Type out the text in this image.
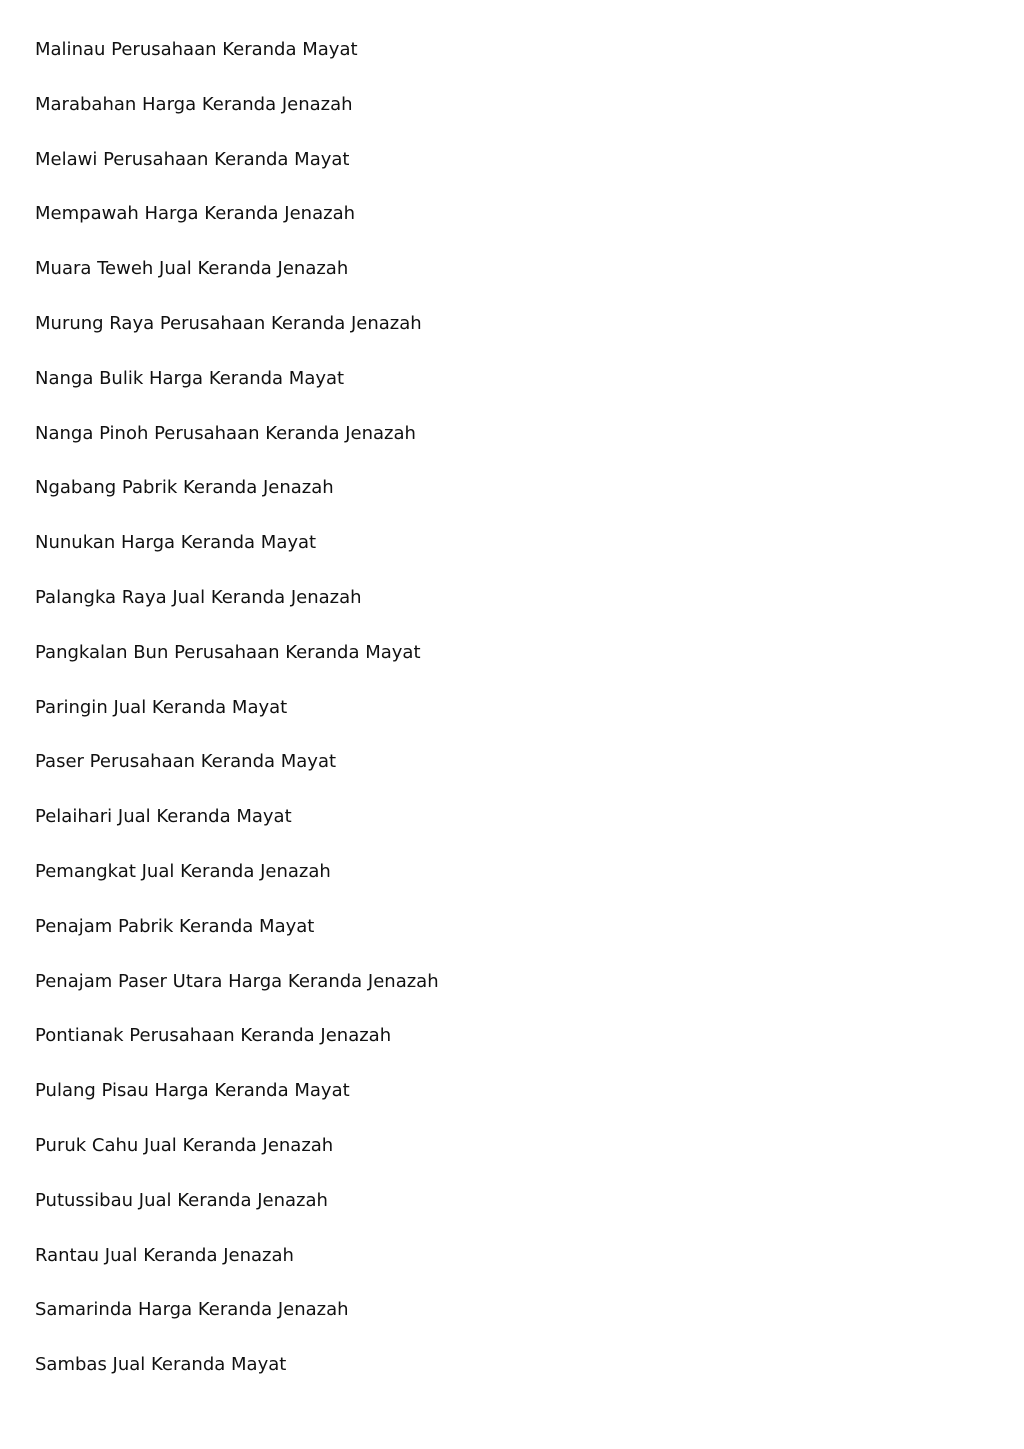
Malinau Perusahaan Keranda Mayat
Marabahan Harga Keranda Jenazah
Melawi Perusahaan Keranda Mayat
Mempawah Harga Keranda Jenazah
Muara Teweh Jual Keranda Jenazah
Murung Raya Perusahaan Keranda Jenazah
Nanga Bulik Harga Keranda Mayat
Nanga Pinoh Perusahaan Keranda Jenazah
Ngabang Pabrik Keranda Jenazah
Nunukan Harga Keranda Mayat
Palangka Raya Jual Keranda Jenazah
Pangkalan Bun Perusahaan Keranda Mayat
Paringin Jual Keranda Mayat
Paser Perusahaan Keranda Mayat
Pelaihari Jual Keranda Mayat
Pemangkat Jual Keranda Jenazah
Penajam Pabrik Keranda Mayat
Penajam Paser Utara Harga Keranda Jenazah
Pontianak Perusahaan Keranda Jenazah
Pulang Pisau Harga Keranda Mayat
Puruk Cahu Jual Keranda Jenazah
Putussibau Jual Keranda Jenazah
Rantau Jual Keranda Jenazah
Samarinda Harga Keranda Jenazah
Sambas Jual Keranda Mayat
